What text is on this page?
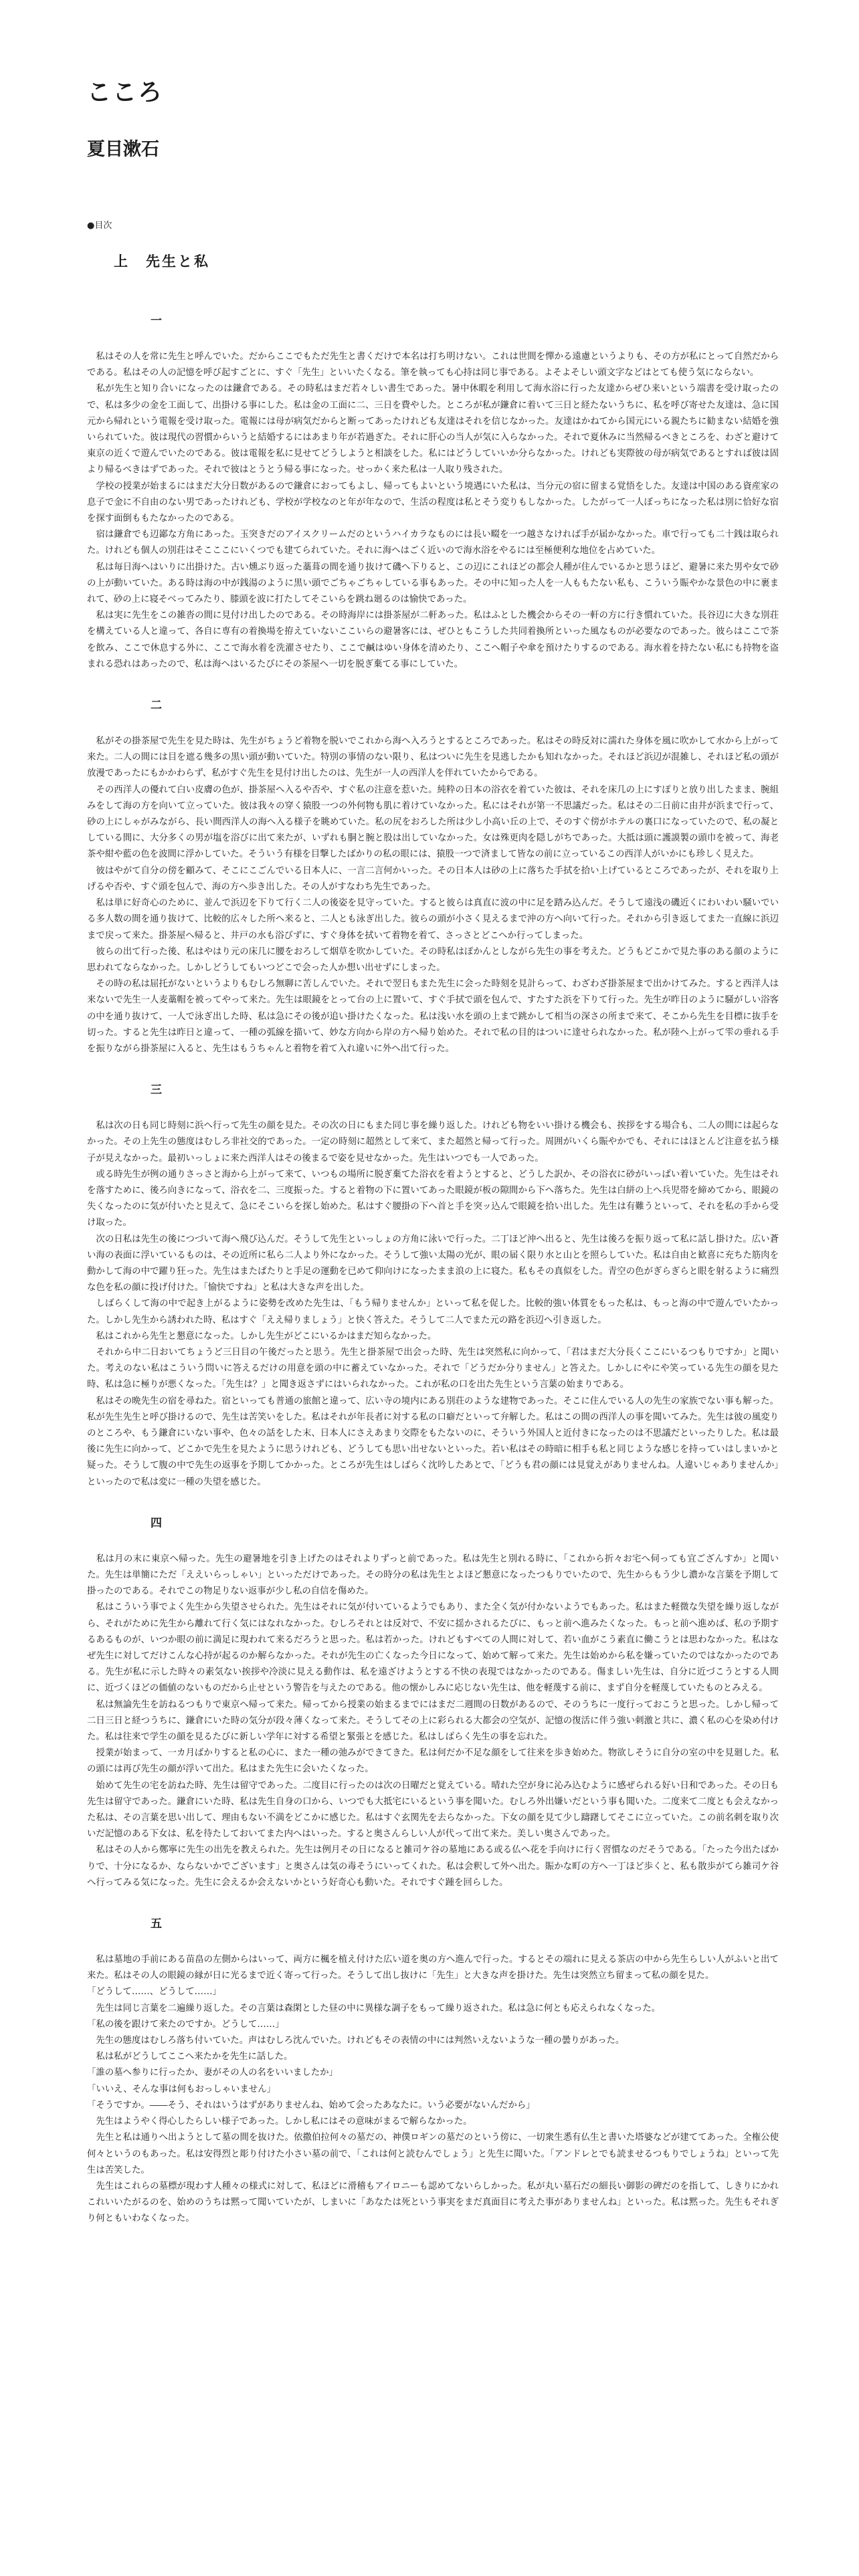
こころ
夏目漱石
●目次
上　先生と私
一

　私はその人を常に先生と呼んでいた。だからここでもただ先生と書くだけで本名は打ち明けない。これは世間を憚かる遠慮というよりも、その方が私にとって自然だからである。私はその人の記憶を呼び起すごとに、すぐ「先生」といいたくなる。筆を執っても心持は同じ事である。よそよそしい頭文字などはとても使う気にならない。

　私が先生と知り合いになったのは鎌倉である。その時私はまだ若々しい書生であった。暑中休暇を利用して海水浴に行った友達からぜひ来いという端書を受け取ったので、私は多少の金を工面して、出掛ける事にした。私は金の工面に二、三日を費やした。ところが私が鎌倉に着いて三日と経たないうちに、私を呼び寄せた友達は、急に国元から帰れという電報を受け取った。電報には母が病気だからと断ってあったけれども友達はそれを信じなかった。友達はかねてから国元にいる親たちに勧まない結婚を強いられていた。彼は現代の習慣からいうと結婚するにはあまり年が若過ぎた。それに肝心の当人が気に入らなかった。それで夏休みに当然帰るべきところを、わざと避けて東京の近くで遊んでいたのである。彼は電報を私に見せてどうしようと相談をした。私にはどうしていいか分らなかった。けれども実際彼の母が病気であるとすれば彼は固より帰るべきはずであった。それで彼はとうとう帰る事になった。せっかく来た私は一人取り残された。

　学校の授業が始まるにはまだ大分日数があるので鎌倉におってもよし、帰ってもよいという境遇にいた私は、当分元の宿に留まる覚悟をした。友達は中国のある資産家の息子で金に不自由のない男であったけれども、学校が学校なのと年が年なので、生活の程度は私とそう変りもしなかった。したがって一人ぼっちになった私は別に恰好な宿を探す面倒ももたなかったのである。

　宿は鎌倉でも辺鄙な方角にあった。玉突きだのアイスクリームだのというハイカラなものには長い畷を一つ越さなければ手が届かなかった。車で行っても二十銭は取られた。けれども個人の別荘はそこここにいくつでも建てられていた。それに海へはごく近いので海水浴をやるには至極便利な地位を占めていた。

　私は毎日海へはいりに出掛けた。古い燻ぶり返った藁葺の間を通り抜けて磯へ下りると、この辺にこれほどの都会人種が住んでいるかと思うほど、避暑に来た男や女で砂の上が動いていた。ある時は海の中が銭湯のように黒い頭でごちゃごちゃしている事もあった。その中に知った人を一人ももたない私も、こういう賑やかな景色の中に裹まれて、砂の上に寝そべってみたり、膝頭を波に打たしてそこいらを跳ね廻るのは愉快であった。

　私は実に先生をこの雑沓の間に見付け出したのである。その時海岸には掛茶屋が二軒あった。私はふとした機会からその一軒の方に行き慣れていた。長谷辺に大きな別荘を構えている人と違って、各自に専有の着換場を拵えていないここいらの避暑客には、ぜひともこうした共同着換所といった風なものが必要なのであった。彼らはここで茶を飲み、ここで休息する外に、ここで海水着を洗濯させたり、ここで鹹はゆい身体を清めたり、ここへ帽子や傘を預けたりするのである。海水着を持たない私にも持物を盗まれる恐れはあったので、私は海へはいるたびにその茶屋へ一切を脱ぎ棄てる事にしていた。

二

　私がその掛茶屋で先生を見た時は、先生がちょうど着物を脱いでこれから海へ入ろうとするところであった。私はその時反対に濡れた身体を風に吹かして水から上がって来た。二人の間には目を遮る幾多の黒い頭が動いていた。特別の事情のない限り、私はついに先生を見逃したかも知れなかった。それほど浜辺が混雑し、それほど私の頭が放漫であったにもかかわらず、私がすぐ先生を見付け出したのは、先生が一人の西洋人を伴れていたからである。

　その西洋人の優れて白い皮膚の色が、掛茶屋へ入るや否や、すぐ私の注意を惹いた。純粋の日本の浴衣を着ていた彼は、それを床几の上にすぽりと放り出したまま、腕組みをして海の方を向いて立っていた。彼は我々の穿く猿股一つの外何物も肌に着けていなかった。私にはそれが第一不思議だった。私はその二日前に由井が浜まで行って、砂の上にしゃがみながら、長い間西洋人の海へ入る様子を眺めていた。私の尻をおろした所は少し小高い丘の上で、そのすぐ傍がホテルの裏口になっていたので、私の凝としている間に、大分多くの男が塩を浴びに出て来たが、いずれも胴と腕と股は出していなかった。女は殊更肉を隠しがちであった。大抵は頭に護謨製の頭巾を被って、海老茶や紺や藍の色を波間に浮かしていた。そういう有様を目撃したばかりの私の眼には、猿股一つで済まして皆なの前に立っているこの西洋人がいかにも珍しく見えた。

　彼はやがて自分の傍を顧みて、そこにこごんでいる日本人に、一言二言何かいった。その日本人は砂の上に落ちた手拭を拾い上げているところであったが、それを取り上げるや否や、すぐ頭を包んで、海の方へ歩き出した。その人がすなわち先生であった。

　私は単に好奇心のために、並んで浜辺を下りて行く二人の後姿を見守っていた。すると彼らは真直に波の中に足を踏み込んだ。そうして遠浅の磯近くにわいわい騒いでいる多人数の間を通り抜けて、比較的広々した所へ来ると、二人とも泳ぎ出した。彼らの頭が小さく見えるまで沖の方へ向いて行った。それから引き返してまた一直線に浜辺まで戻って来た。掛茶屋へ帰ると、井戸の水も浴びずに、すぐ身体を拭いて着物を着て、さっさとどこへか行ってしまった。

　彼らの出て行った後、私はやはり元の床几に腰をおろして烟草を吹かしていた。その時私はぽかんとしながら先生の事を考えた。どうもどこかで見た事のある顔のように思われてならなかった。しかしどうしてもいつどこで会った人か想い出せずにしまった。

　その時の私は屈托がないというよりもむしろ無聊に苦しんでいた。それで翌日もまた先生に会った時刻を見計らって、わざわざ掛茶屋まで出かけてみた。すると西洋人は来ないで先生一人麦藁帽を被ってやって来た。先生は眼鏡をとって台の上に置いて、すぐ手拭で頭を包んで、すたすた浜を下りて行った。先生が昨日のように騒がしい浴客の中を通り抜けて、一人で泳ぎ出した時、私は急にその後が追い掛けたくなった。私は浅い水を頭の上まで跳かして相当の深さの所まで来て、そこから先生を目標に抜手を切った。すると先生は昨日と違って、一種の弧線を描いて、妙な方向から岸の方へ帰り始めた。それで私の目的はついに達せられなかった。私が陸へ上がって雫の垂れる手を振りながら掛茶屋に入ると、先生はもうちゃんと着物を着て入れ違いに外へ出て行った。

三

　私は次の日も同じ時刻に浜へ行って先生の顔を見た。その次の日にもまた同じ事を繰り返した。けれども物をいい掛ける機会も、挨拶をする場合も、二人の間には起らなかった。その上先生の態度はむしろ非社交的であった。一定の時刻に超然として来て、また超然と帰って行った。周囲がいくら賑やかでも、それにはほとんど注意を払う様子が見えなかった。最初いっしょに来た西洋人はその後まるで姿を見せなかった。先生はいつでも一人であった。

　或る時先生が例の通りさっさと海から上がって来て、いつもの場所に脱ぎ棄てた浴衣を着ようとすると、どうした訳か、その浴衣に砂がいっぱい着いていた。先生はそれを落すために、後ろ向きになって、浴衣を二、三度振った。すると着物の下に置いてあった眼鏡が板の隙間から下へ落ちた。先生は白絣の上へ兵児帯を締めてから、眼鏡の失くなったのに気が付いたと見えて、急にそこいらを探し始めた。私はすぐ腰掛の下へ首と手を突ッ込んで眼鏡を拾い出した。先生は有難うといって、それを私の手から受け取った。

　次の日私は先生の後につづいて海へ飛び込んだ。そうして先生といっしょの方角に泳いで行った。二丁ほど沖へ出ると、先生は後ろを振り返って私に話し掛けた。広い蒼い海の表面に浮いているものは、その近所に私ら二人より外になかった。そうして強い太陽の光が、眼の届く限り水と山とを照らしていた。私は自由と歓喜に充ちた筋肉を動かして海の中で躍り狂った。先生はまたぱたりと手足の運動を已めて仰向けになったまま浪の上に寝た。私もその真似をした。青空の色がぎらぎらと眼を射るように痛烈な色を私の顔に投げ付けた。「愉快ですね」と私は大きな声を出した。

　しばらくして海の中で起き上がるように姿勢を改めた先生は、「もう帰りませんか」といって私を促した。比較的強い体質をもった私は、もっと海の中で遊んでいたかった。しかし先生から誘われた時、私はすぐ「ええ帰りましょう」と快く答えた。そうして二人でまた元の路を浜辺へ引き返した。

　私はこれから先生と懇意になった。しかし先生がどこにいるかはまだ知らなかった。

　それから中二日おいてちょうど三日目の午後だったと思う。先生と掛茶屋で出会った時、先生は突然私に向かって、「君はまだ大分長くここにいるつもりですか」と聞いた。考えのない私はこういう問いに答えるだけの用意を頭の中に蓄えていなかった。それで「どうだか分りません」と答えた。しかしにやにや笑っている先生の顔を見た時、私は急に極りが悪くなった。「先生は？」と聞き返さずにはいられなかった。これが私の口を出た先生という言葉の始まりである。

　私はその晩先生の宿を尋ねた。宿といっても普通の旅館と違って、広い寺の境内にある別荘のような建物であった。そこに住んでいる人の先生の家族でない事も解った。私が先生先生と呼び掛けるので、先生は苦笑いをした。私はそれが年長者に対する私の口癖だといって弁解した。私はこの間の西洋人の事を聞いてみた。先生は彼の風変りのところや、もう鎌倉にいない事や、色々の話をした末、日本人にさえあまり交際をもたないのに、そういう外国人と近付きになったのは不思議だといったりした。私は最後に先生に向かって、どこかで先生を見たように思うけれども、どうしても思い出せないといった。若い私はその時暗に相手も私と同じような感じを持っていはしまいかと疑った。そうして腹の中で先生の返事を予期してかかった。ところが先生はしばらく沈吟したあとで、「どうも君の顔には見覚えがありませんね。人違いじゃありませんか」といったので私は変に一種の失望を感じた。

四

　私は月の末に東京へ帰った。先生の避暑地を引き上げたのはそれよりずっと前であった。私は先生と別れる時に、「これから折々お宅へ伺っても宜ござんすか」と聞いた。先生は単簡にただ「ええいらっしゃい」といっただけであった。その時分の私は先生とよほど懇意になったつもりでいたので、先生からもう少し濃かな言葉を予期して掛ったのである。それでこの物足りない返事が少し私の自信を傷めた。

　私はこういう事でよく先生から失望させられた。先生はそれに気が付いているようでもあり、また全く気が付かないようでもあった。私はまた軽微な失望を繰り返しながら、それがために先生から離れて行く気にはなれなかった。むしろそれとは反対で、不安に揺かされるたびに、もっと前へ進みたくなった。もっと前へ進めば、私の予期するあるものが、いつか眼の前に満足に現われて来るだろうと思った。私は若かった。けれどもすべての人間に対して、若い血がこう素直に働こうとは思わなかった。私はなぜ先生に対してだけこんな心持が起るのか解らなかった。それが先生の亡くなった今日になって、始めて解って来た。先生は始めから私を嫌っていたのではなかったのである。先生が私に示した時々の素気ない挨拶や冷淡に見える動作は、私を遠ざけようとする不快の表現ではなかったのである。傷ましい先生は、自分に近づこうとする人間に、近づくほどの価値のないものだから止せという警告を与えたのである。他の懐かしみに応じない先生は、他を軽蔑する前に、まず自分を軽蔑していたものとみえる。

　私は無論先生を訪ねるつもりで東京へ帰って来た。帰ってから授業の始まるまでにはまだ二週間の日数があるので、そのうちに一度行っておこうと思った。しかし帰って二日三日と経つうちに、鎌倉にいた時の気分が段々薄くなって来た。そうしてその上に彩られる大都会の空気が、記憶の復活に伴う強い刺激と共に、濃く私の心を染め付けた。私は往来で学生の顔を見るたびに新しい学年に対する希望と緊張とを感じた。私はしばらく先生の事を忘れた。

　授業が始まって、一カ月ばかりすると私の心に、また一種の弛みができてきた。私は何だか不足な顔をして往来を歩き始めた。物欲しそうに自分の室の中を見廻した。私の頭には再び先生の顔が浮いて出た。私はまた先生に会いたくなった。

　始めて先生の宅を訪ねた時、先生は留守であった。二度目に行ったのは次の日曜だと覚えている。晴れた空が身に沁み込むように感ぜられる好い日和であった。その日も先生は留守であった。鎌倉にいた時、私は先生自身の口から、いつでも大抵宅にいるという事を聞いた。むしろ外出嫌いだという事も聞いた。二度来て二度とも会えなかった私は、その言葉を思い出して、理由もない不満をどこかに感じた。私はすぐ玄関先を去らなかった。下女の顔を見て少し躊躇してそこに立っていた。この前名刺を取り次いだ記憶のある下女は、私を待たしておいてまた内へはいった。すると奥さんらしい人が代って出て来た。美しい奥さんであった。

　私はその人から鄭寧に先生の出先を教えられた。先生は例月その日になると雑司ケ谷の墓地にある或る仏へ花を手向けに行く習慣なのだそうである。「たった今出たばかりで、十分になるか、ならないかでございます」と奥さんは気の毒そうにいってくれた。私は会釈して外へ出た。賑かな町の方へ一丁ほど歩くと、私も散歩がてら雑司ケ谷へ行ってみる気になった。先生に会えるか会えないかという好奇心も動いた。それですぐ踵を回らした。

五

　私は墓地の手前にある苗畠の左側からはいって、両方に楓を植え付けた広い道を奥の方へ進んで行った。するとその端れに見える茶店の中から先生らしい人がふいと出て来た。私はその人の眼鏡の縁が日に光るまで近く寄って行った。そうして出し抜けに「先生」と大きな声を掛けた。先生は突然立ち留まって私の顔を見た。

「どうして……、どうして……」

　先生は同じ言葉を二遍繰り返した。その言葉は森閑とした昼の中に異様な調子をもって繰り返された。私は急に何とも応えられなくなった。

「私の後を跟けて来たのですか。どうして……」

　先生の態度はむしろ落ち付いていた。声はむしろ沈んでいた。けれどもその表情の中には判然いえないような一種の曇りがあった。

　私は私がどうしてここへ来たかを先生に話した。

「誰の墓へ参りに行ったか、妻がその人の名をいいましたか」

「いいえ、そんな事は何もおっしゃいません」

「そうですか。――そう、それはいうはずがありませんね、始めて会ったあなたに。いう必要がないんだから」

　先生はようやく得心したらしい様子であった。しかし私にはその意味がまるで解らなかった。

　先生と私は通りへ出ようとして墓の間を抜けた。依撒伯拉何々の墓だの、神僕ロギンの墓だのという傍に、一切衆生悉有仏生と書いた塔婆などが建ててあった。全権公使何々というのもあった。私は安得烈と彫り付けた小さい墓の前で、「これは何と読むんでしょう」と先生に聞いた。「アンドレとでも読ませるつもりでしょうね」といって先生は苦笑した。

　先生はこれらの墓標が現わす人種々の様式に対して、私ほどに滑稽もアイロニーも認めてないらしかった。私が丸い墓石だの細長い御影の碑だのを指して、しきりにかれこれいいたがるのを、始めのうちは黙って聞いていたが、しまいに「あなたは死という事実をまだ真面目に考えた事がありませんね」といった。私は黙った。先生もそれぎり何ともいわなくなった。
